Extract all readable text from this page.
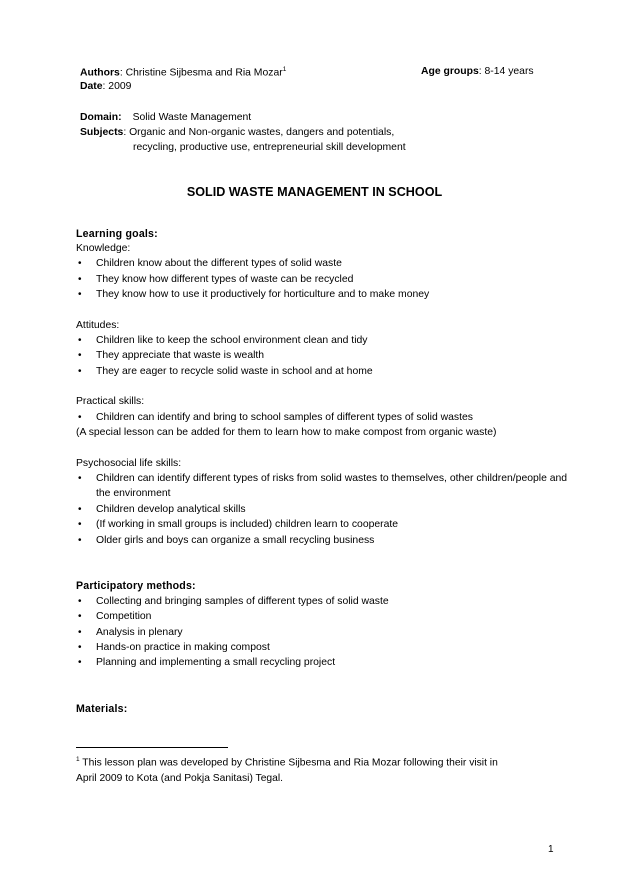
Authors: Christine Sijbesma and Ria Mozar$^1$	Age groups: 8-14 years
Date: 2009
Domain: Solid Waste Management
Subjects: Organic and Non-organic wastes, dangers and potentials,
recycling, productive use, entrepreneurial skill development
SOLID WASTE MANAGEMENT IN SCHOOL
Learning goals:
Knowledge:
• Children know about the different types of solid waste
• They know how different types of waste can be recycled
• They know how to use it productively for horticulture and to make money
Attitudes:
• Children like to keep the school environment clean and tidy
• They appreciate that waste is wealth
• They are eager to recycle solid waste in school and at home
Practical skills:
• Children can identify and bring to school samples of different types of solid wastes
(A special lesson can be added for them to learn how to make compost from organic waste)
Psychosocial life skills:
• Children can identify different types of risks from solid wastes to themselves, other children/people and
the environment
• Children develop analytical skills
• (If working in small groups is included) children learn to cooperate
• Older girls and boys can organize a small recycling business
Participatory methods:
• Collecting and bringing samples of different types of solid waste
• Competition
• Analysis in plenary
• Hands-on practice in making compost
• Planning and implementing a small recycling project
Materials:
$^1$ This lesson plan was developed by Christine Sijbesma and Ria Mozar following their visit in
April 2009 to Kota (and Pokja Sanitasi) Tegal.
1
